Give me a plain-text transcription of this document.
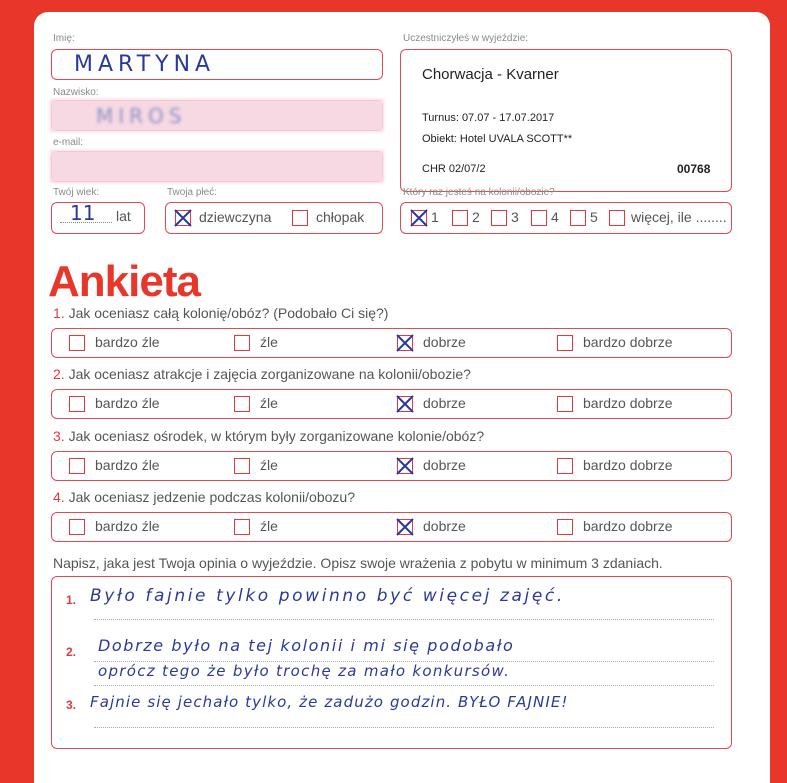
Imię:
MARTYNA
Nazwisko:
MIROS
e-mail:
Twój wiek:
11 lat
Twoja płeć:
dziewczyna	chłopak
Uczestniczyłeś w wyjeździe:
Chorwacja - Kvarner
Turnus: 07.07 - 17.07.2017
Obiekt: Hotel UVALA SCOTT**
CHR 02/07/2	00768
Który raz jesteś na kolonii/obozie?
1 2 3 4 5 więcej, ile ........
Ankieta
Napisz, jaka jest Twoja opinia o wyjeździe. Opisz swoje wrażenia z pobytu w minimum 3 zdaniach.
1. Było fajnie tylko powinno być więcej zajęć.
2. Dobrze było na tej kolonii i mi się podobało
oprócz tego że było trochę za mało konkursów.
3. Fajnie się jechało tylko, że zadużo godzin. BYŁO FAJNIE!
1. Jak oceniasz całą kolonię/obóz? (Podobało Ci się?)
bardzo źle	źle	dobrze	bardzo dobrze
2. Jak oceniasz atrakcje i zajęcia zorganizowane na kolonii/obozie?
bardzo źle	źle	dobrze	bardzo dobrze
3. Jak oceniasz ośrodek, w którym były zorganizowane kolonie/obóz?
bardzo źle	źle	dobrze	bardzo dobrze
4. Jak oceniasz jedzenie podczas kolonii/obozu?
bardzo źle	źle	dobrze	bardzo dobrze
